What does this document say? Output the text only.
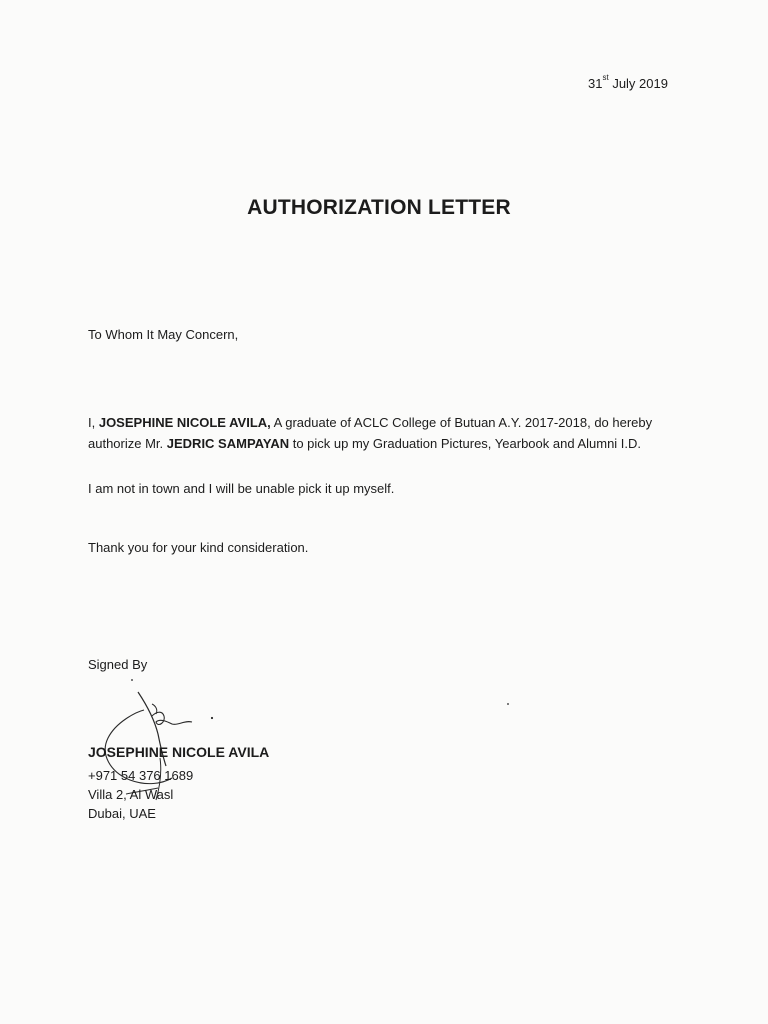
31st July 2019
AUTHORIZATION LETTER
To Whom It May Concern,
I, JOSEPHINE NICOLE AVILA, A graduate of ACLC College of Butuan A.Y. 2017-2018, do hereby authorize Mr. JEDRIC SAMPAYAN to pick up my Graduation Pictures, Yearbook and Alumni I.D.
I am not in town and I will be unable pick it up myself.
Thank you for your kind consideration.
Signed By
JOSEPHINE NICOLE AVILA
+971 54 376 1689
Villa 2, Al Wasl
Dubai, UAE
